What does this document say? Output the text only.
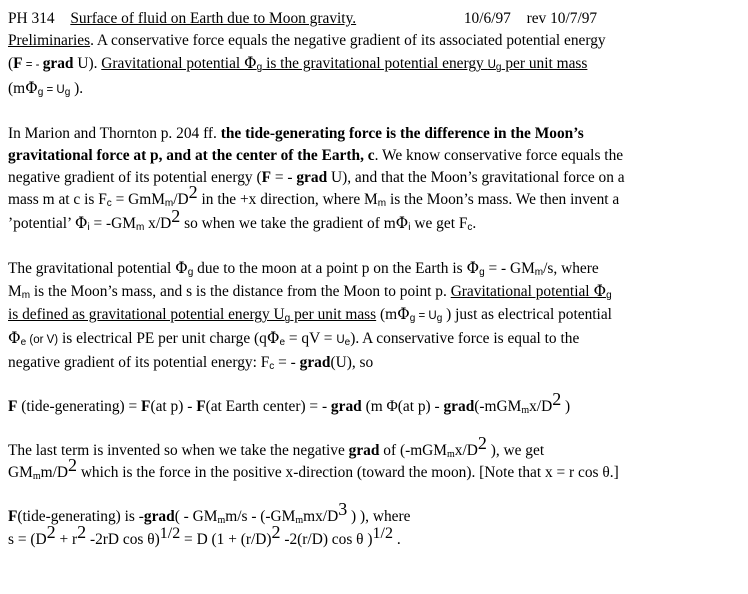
PH 314 Surface of fluid on Earth due to Moon gravity.	10/6/97 rev 10/7/97
Preliminaries. A conservative force equals the negative gradient of its associated potential energy
(F = - grad U). Gravitational potential $\Phi_g$ is the gravitational potential energy $U_g$ per unit mass
($m\Phi_g = U_g$ ).
In Marion and Thornton p. 204 ff. the tide-generating force is the difference in the Moon’s
gravitational force at p, and at the center of the Earth, c. We know conservative force equals the
negative gradient of its potential energy (F = - grad U), and that the Moon’s gravitational force on a
mass m at c is $F_c = GmM_m/D^2$ in the +x direction, where $M_m$ is the Moon’s mass. We then invent a
’potential’ $\Phi_i = -GM_m$ $x/D^2$ so when we take the gradient of $m\Phi_i$ we get $F_c$.
The gravitational potential $\Phi_g$ due to the moon at a point p on the Earth is $\Phi_g$ = - $GM_m/s$, where
$M_m$ is the Moon’s mass, and s is the distance from the Moon to point p. Gravitational potential $\Phi_g$
is defined as gravitational potential energy $U_g$ per unit mass ($m\Phi_g = U_g$ ) just as electrical potential
$\Phi_e$ (or V) is electrical PE per unit charge ($q\Phi_e$ = qV = $U_e$). A conservative force is equal to the
negative gradient of its potential energy: $F_c$ = - grad(U), so
F (tide-generating) = F(at p) - F(at Earth center) = - grad (m Φ(at $p) - grad(-mGM_mx/D^2$ )
The last term is invented so when we take the negative grad of ($-mGM_mx/D^2$ ), we get
$GM_mm/D^2$ which is the force in the positive x-direction (toward the moon). [Note that x = r cos θ.]
F(tide-generating) is -grad( - $GM_mm/s - (-GM_mmx/D^3$ ) ), where
$s = (D^2 + r^2$ -2rD cos θ)$^{1/2}$ = D ($1 + (r/D)^2$ -2(r/D) cos θ )$^{1/2}$ .
